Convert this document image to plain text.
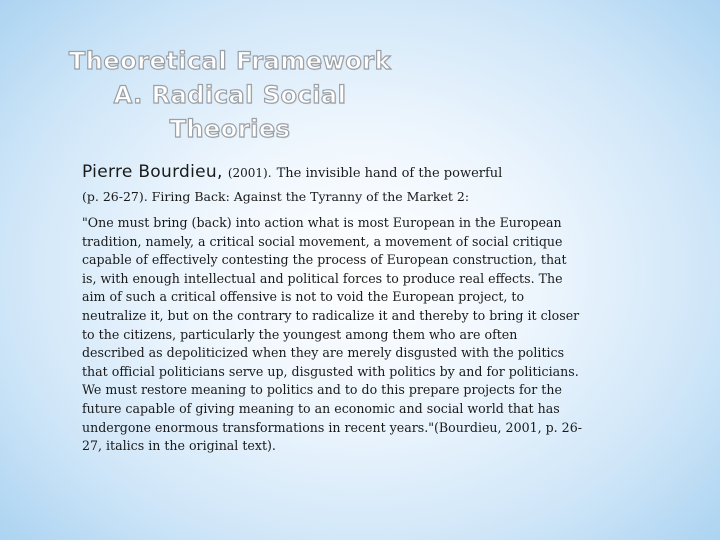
Theoretical Framework
A. Radical Social Theories

Pierre Bourdieu, (2001). The invisible hand of the powerful
(p. 26-27). Firing Back: Against the Tyranny of the Market 2:

"One must bring (back) into action what is most European in the European tradition, namely, a critical social movement, a movement of social critique capable of effectively contesting the process of European construction, that is, with enough intellectual and political forces to produce real effects. The aim of such a critical offensive is not to void the European project, to neutralize it, but on the contrary to radicalize it and thereby to bring it closer to the citizens, particularly the youngest among them who are often described as depoliticized when they are merely disgusted with the politics that official politicians serve up, disgusted with politics by and for politicians. We must restore meaning to politics and to do this prepare projects for the future capable of giving meaning to an economic and social world that has undergone enormous transformations in recent years."(Bourdieu, 2001, p. 26-27, italics in the original text).
